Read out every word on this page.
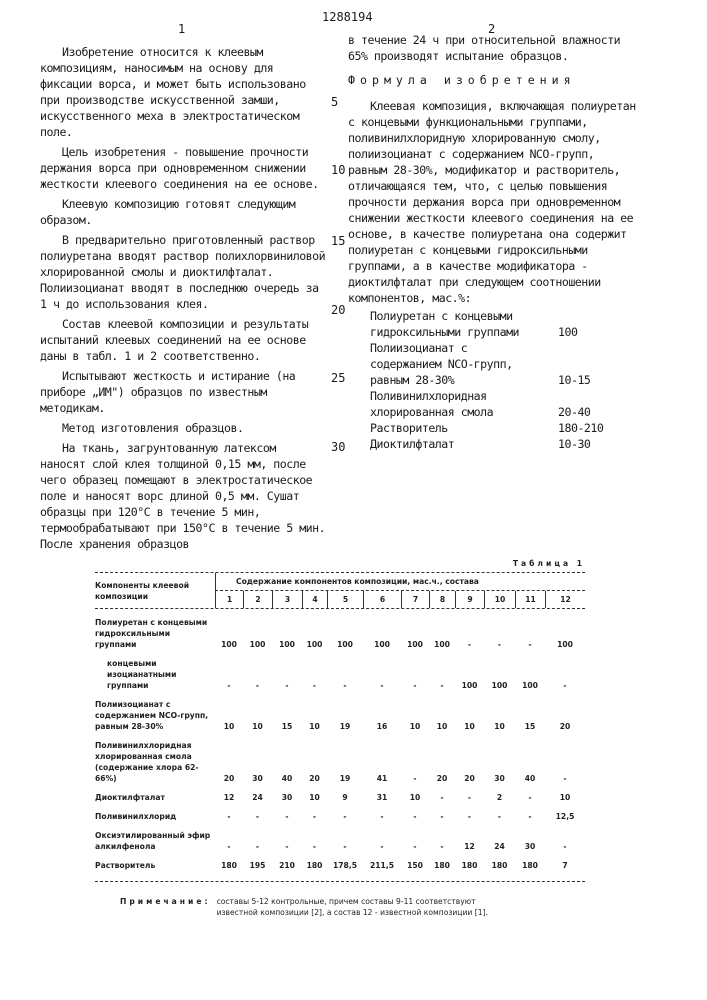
1
1288194
2

Изобретение относится к клеевым композициям, наносимым на основу для фиксации ворса, и может быть использовано при производстве искусственной замши, искусственного меха в электростатическом поле.

Цель изобретения - повышение прочности держания ворса при одновременном снижении жесткости клеевого соединения на ее основе.

Клеевую композицию готовят следующим образом.

В предварительно приготовленный раствор полиуретана вводят раствор полихлорвиниловой хлорированной смолы и диоктилфталат. Полиизоцианат вводят в последнюю очередь за 1 ч до использования клея.

Состав клеевой композиции и результаты испытаний клеевых соединений на ее основе даны в табл. 1 и 2 соответственно.

Испытывают жесткость и истирание (на приборе „ИМ") образцов по известным методикам.

Метод изготовления образцов.

На ткань, загрунтованную латексом наносят слой клея толщиной 0,15 мм, после чего образец помещают в электростатическое поле и наносят ворс длиной 0,5 мм. Сушат образцы при 120°С в течение 5 мин, термообрабатывают при 150°С в течение 5 мин. После хранения образцов

в течение 24 ч при относительной влажности 65% производят испытание образцов.

Формула изобретения

Клеевая композиция, включающая полиуретан с концевыми функциональными группами, поливинилхлоридную хлорированную смолу, полиизоцианат с содержанием NCO-групп, равным 28-30%, модификатор и растворитель, отличающаяся тем, что, с целью повышения прочности держания ворса при одновременном снижении жесткости клеевого соединения на ее основе, в качестве полиуретана она содержит полиуретан с концевыми гидроксильными группами, а в качестве модификатора - диоктилфталат при следующем соотношении компонентов, мас.%:

Полиуретан с концевыми гидроксильными группами	100
Полиизоцианат с содержанием NCO-групп, равным 28-30%	10-15
Поливинилхлоридная хлорированная смола	20-40
Растворитель	180-210
Диоктилфталат	10-30
Таблица 1
Компоненты клеевой композиции
Содержание компонентов композиции, мас.ч., состава
1	2	3	4	5	6	7	8	9	10	11	12
Полиуретан с концевыми гидроксильными группами	100	100	100	100	100	100	100	100	-	-	-	100
концевыми изоцианатными группами	-	-	-	-	-	-	-	-	100	100	100	-
Полиизоцианат с содержанием NCO-групп, равным 28-30%	10	10	15	10	19	16	10	10	10	10	15	20
Поливинилхлоридная хлорированная смола (содержание хлора 62-66%)	20	30	40	20	19	41	-	20	20	30	40	-
Диоктилфталат	12	24	30	10	9	31	10	-	-	2	-	10
Поливинилхлорид	-	-	-	-	-	-	-	-	-	-	-	12,5
Оксиэтилированный эфир алкилфенола	-	-	-	-	-	-	-	-	12	24	30	-
Растворитель	180	195	210	180	178,5	211,5	150	180	180	180	180	7
Примечание: составы 5-12 контрольные, причем составы 9-11 соответствуют известной композиции [2], а состав 12 - известной композиции [1].
5
10
15
20
25
30
